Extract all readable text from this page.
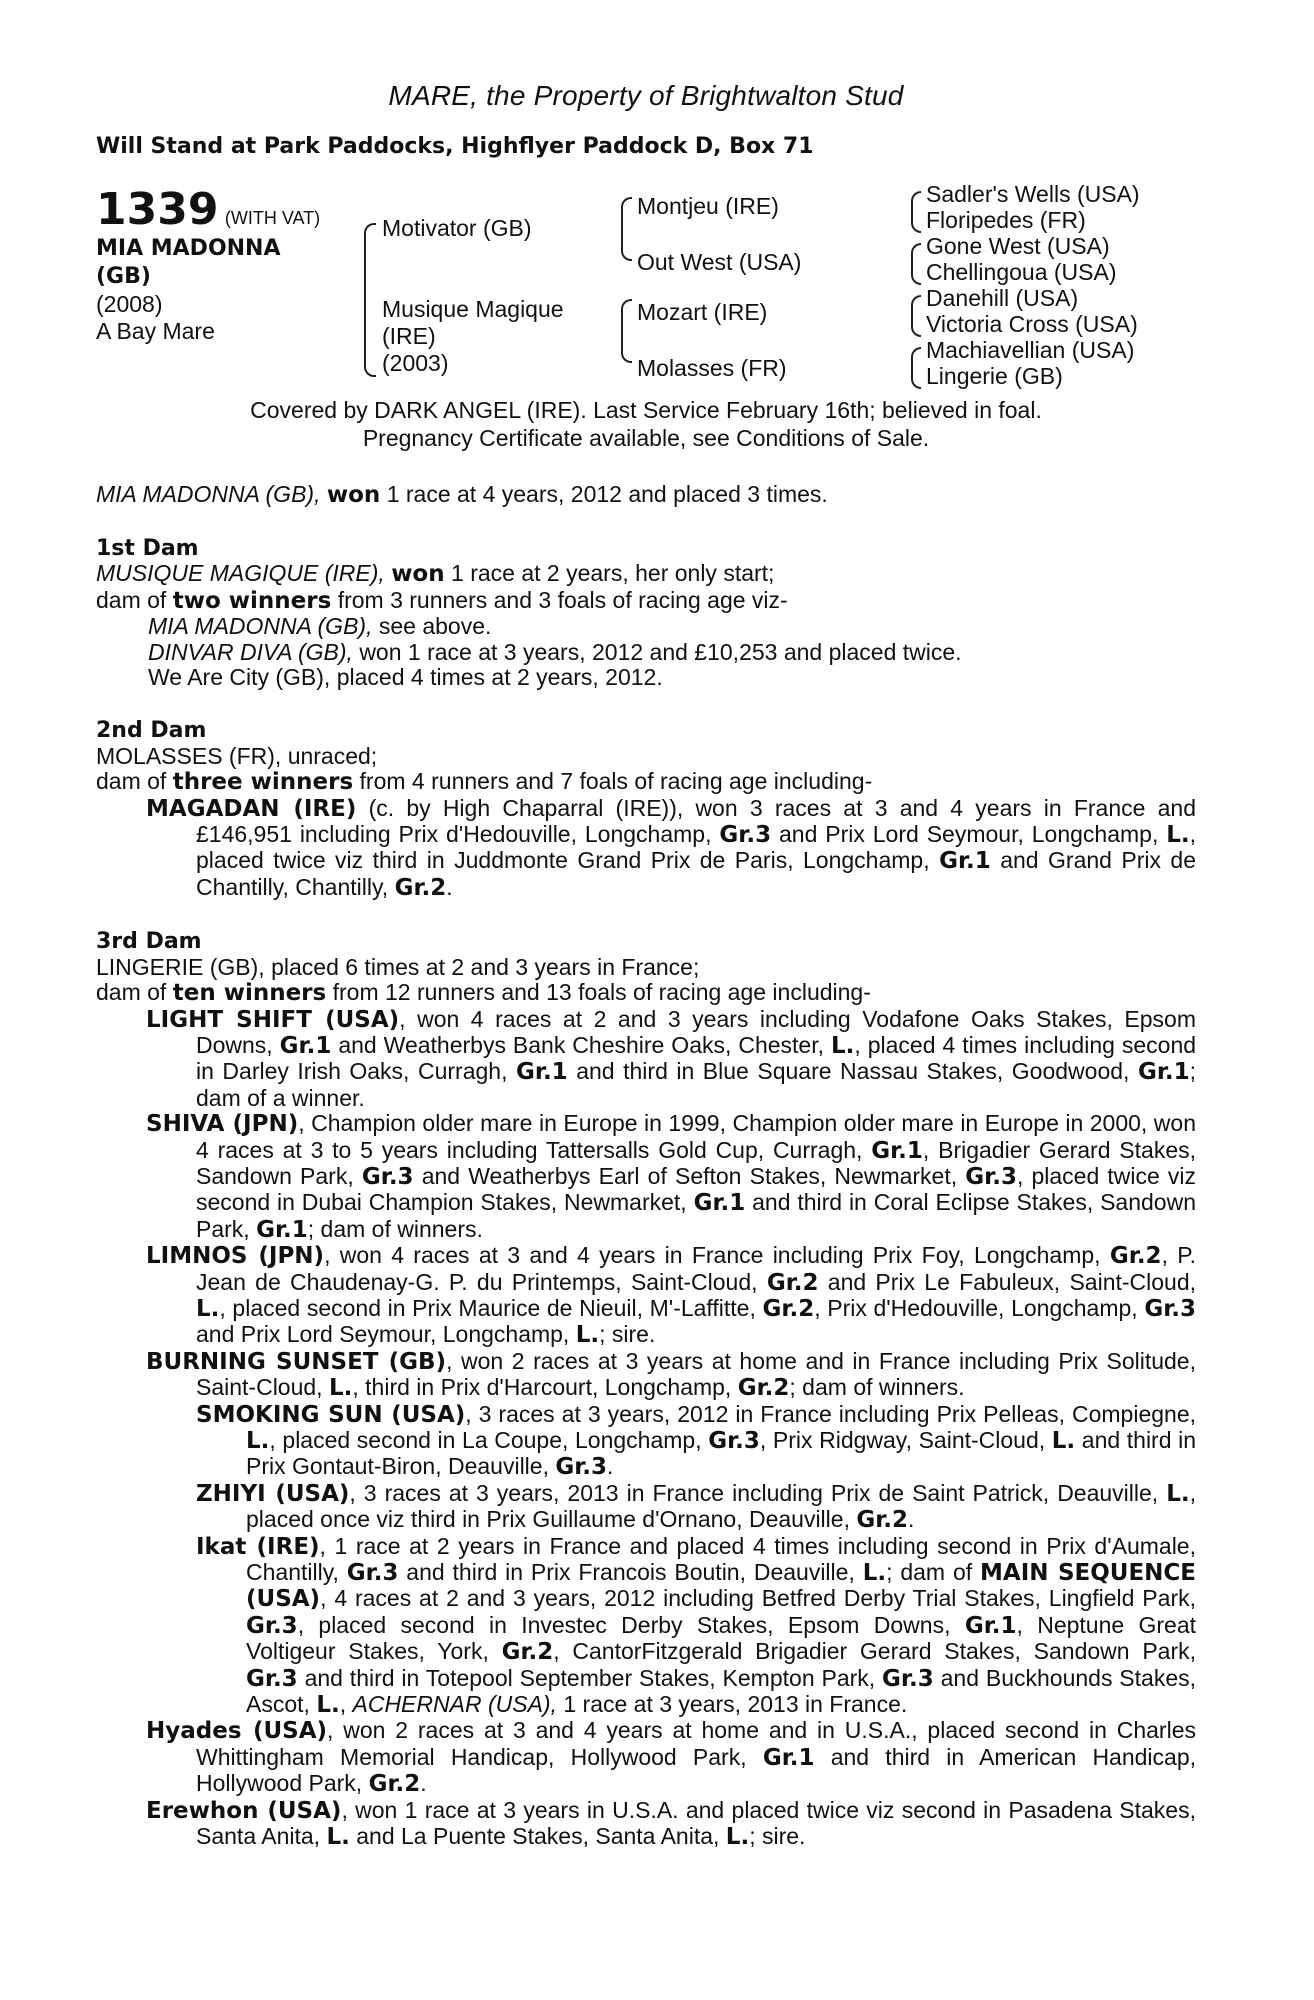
MARE, the Property of Brightwalton Stud
Will Stand at Park Paddocks, Highflyer Paddock D, Box 71
1339 (WITH VAT)
MIA MADONNA
(GB)
(2008)
A Bay Mare
Motivator (GB)
Musique Magique
(IRE)
(2003)
Montjeu (IRE)
Out West (USA)
Mozart (IRE)
Molasses (FR)
Sadler's Wells (USA)
Floripedes (FR)
Gone West (USA)
Chellingoua (USA)
Danehill (USA)
Victoria Cross (USA)
Machiavellian (USA)
Lingerie (GB)
Covered by DARK ANGEL (IRE). Last Service February 16th; believed in foal.
Pregnancy Certificate available, see Conditions of Sale.
MIA MADONNA (GB), won 1 race at 4 years, 2012 and placed 3 times.
1st Dam
MUSIQUE MAGIQUE (IRE), won 1 race at 2 years, her only start;
dam of two winners from 3 runners and 3 foals of racing age viz-
MIA MADONNA (GB), see above.
DINVAR DIVA (GB), won 1 race at 3 years, 2012 and £10,253 and placed twice.
We Are City (GB), placed 4 times at 2 years, 2012.
2nd Dam
MOLASSES (FR), unraced;
dam of three winners from 4 runners and 7 foals of racing age including-
MAGADAN (IRE) (c. by High Chaparral (IRE)), won 3 races at 3 and 4 years in France and £146,951 including Prix d'Hedouville, Longchamp, Gr.3 and Prix Lord Seymour, Longchamp, L., placed twice viz third in Juddmonte Grand Prix de Paris, Longchamp, Gr.1 and Grand Prix de Chantilly, Chantilly, Gr.2.
3rd Dam
LINGERIE (GB), placed 6 times at 2 and 3 years in France;
dam of ten winners from 12 runners and 13 foals of racing age including-
LIGHT SHIFT (USA), won 4 races at 2 and 3 years including Vodafone Oaks Stakes, Epsom Downs, Gr.1 and Weatherbys Bank Cheshire Oaks, Chester, L., placed 4 times including second in Darley Irish Oaks, Curragh, Gr.1 and third in Blue Square Nassau Stakes, Goodwood, Gr.1; dam of a winner.
SHIVA (JPN), Champion older mare in Europe in 1999, Champion older mare in Europe in 2000, won 4 races at 3 to 5 years including Tattersalls Gold Cup, Curragh, Gr.1, Brigadier Gerard Stakes, Sandown Park, Gr.3 and Weatherbys Earl of Sefton Stakes, Newmarket, Gr.3, placed twice viz second in Dubai Champion Stakes, Newmarket, Gr.1 and third in Coral Eclipse Stakes, Sandown Park, Gr.1; dam of winners.
LIMNOS (JPN), won 4 races at 3 and 4 years in France including Prix Foy, Longchamp, Gr.2, P. Jean de Chaudenay-G. P. du Printemps, Saint-Cloud, Gr.2 and Prix Le Fabuleux, Saint-Cloud, L., placed second in Prix Maurice de Nieuil, M'-Laffitte, Gr.2, Prix d'Hedouville, Longchamp, Gr.3 and Prix Lord Seymour, Longchamp, L.; sire.
BURNING SUNSET (GB), won 2 races at 3 years at home and in France including Prix Solitude, Saint-Cloud, L., third in Prix d'Harcourt, Longchamp, Gr.2; dam of winners.
SMOKING SUN (USA), 3 races at 3 years, 2012 in France including Prix Pelleas, Compiegne, L., placed second in La Coupe, Longchamp, Gr.3, Prix Ridgway, Saint-Cloud, L. and third in Prix Gontaut-Biron, Deauville, Gr.3.
ZHIYI (USA), 3 races at 3 years, 2013 in France including Prix de Saint Patrick, Deauville, L., placed once viz third in Prix Guillaume d'Ornano, Deauville, Gr.2.
Ikat (IRE), 1 race at 2 years in France and placed 4 times including second in Prix d'Aumale, Chantilly, Gr.3 and third in Prix Francois Boutin, Deauville, L.; dam of MAIN SEQUENCE (USA), 4 races at 2 and 3 years, 2012 including Betfred Derby Trial Stakes, Lingfield Park, Gr.3, placed second in Investec Derby Stakes, Epsom Downs, Gr.1, Neptune Great Voltigeur Stakes, York, Gr.2, CantorFitzgerald Brigadier Gerard Stakes, Sandown Park, Gr.3 and third in Totepool September Stakes, Kempton Park, Gr.3 and Buckhounds Stakes, Ascot, L., ACHERNAR (USA), 1 race at 3 years, 2013 in France.
Hyades (USA), won 2 races at 3 and 4 years at home and in U.S.A., placed second in Charles Whittingham Memorial Handicap, Hollywood Park, Gr.1 and third in American Handicap, Hollywood Park, Gr.2.
Erewhon (USA), won 1 race at 3 years in U.S.A. and placed twice viz second in Pasadena Stakes, Santa Anita, L. and La Puente Stakes, Santa Anita, L.; sire.
